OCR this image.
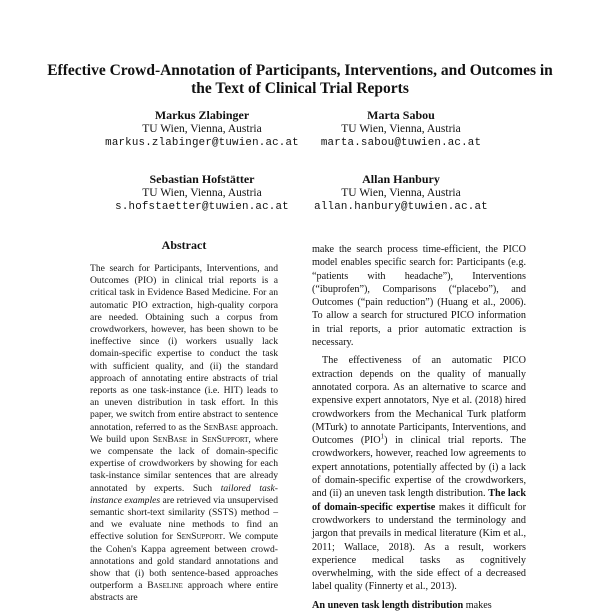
Effective Crowd-Annotation of Participants, Interventions, and Outcomes in the Text of Clinical Trial Reports
Markus Zlabinger
TU Wien, Vienna, Austria
markus.zlabinger@tuwien.ac.at
Marta Sabou
TU Wien, Vienna, Austria
marta.sabou@tuwien.ac.at
Sebastian Hofstätter
TU Wien, Vienna, Austria
s.hofstaetter@tuwien.ac.at
Allan Hanbury
TU Wien, Vienna, Austria
allan.hanbury@tuwien.ac.at
Abstract

The search for Participants, Interventions, and Outcomes (PIO) in clinical trial reports is a critical task in Evidence Based Medicine. For an automatic PIO extraction, high-quality corpora are needed. Obtaining such a corpus from crowdworkers, however, has been shown to be ineffective since (i) workers usually lack domain-specific expertise to conduct the task with sufficient quality, and (ii) the standard approach of annotating entire abstracts of trial reports as one task-instance (i.e. HIT) leads to an uneven distribution in task effort. In this paper, we switch from entire abstract to sentence annotation, referred to as the SenBase approach. We build upon SenBase in SenSupport, where we compensate the lack of domain-specific expertise of crowdworkers by showing for each task-instance similar sentences that are already annotated by experts. Such tailored task-instance examples are retrieved via unsupervised semantic short-text similarity (SSTS) method – and we evaluate nine methods to find an effective solution for SenSupport. We compute the Cohen's Kappa agreement between crowd-annotations and gold standard annotations and show that (i) both sentence-based approaches outperform a Baseline approach where entire abstracts are

make the search process time-efficient, the PICO model enables specific search for: Participants (e.g. “patients with headache”), Interventions (“ibuprofen”), Comparisons (“placebo”), and Outcomes (“pain reduction”) (Huang et al., 2006). To allow a search for structured PICO information in trial reports, a prior automatic extraction is necessary.

The effectiveness of an automatic PICO extraction depends on the quality of manually annotated corpora. As an alternative to scarce and expensive expert annotators, Nye et al. (2018) hired crowdworkers from the Mechanical Turk platform (MTurk) to annotate Participants, Interventions, and Outcomes (PIO$^1$) in clinical trial reports. The crowdworkers, however, reached low agreements to expert annotations, potentially affected by (i) a lack of domain-specific expertise of the crowdworkers, and (ii) an uneven task length distribution. The lack of domain-specific expertise makes it difficult for crowdworkers to understand the terminology and jargon that prevails in medical literature (Kim et al., 2011; Wallace, 2018). As a result, workers experience medical tasks as cognitively overwhelming, with the side effect of a decreased label quality (Finnerty et al., 2013).

An uneven task length distribution makes
